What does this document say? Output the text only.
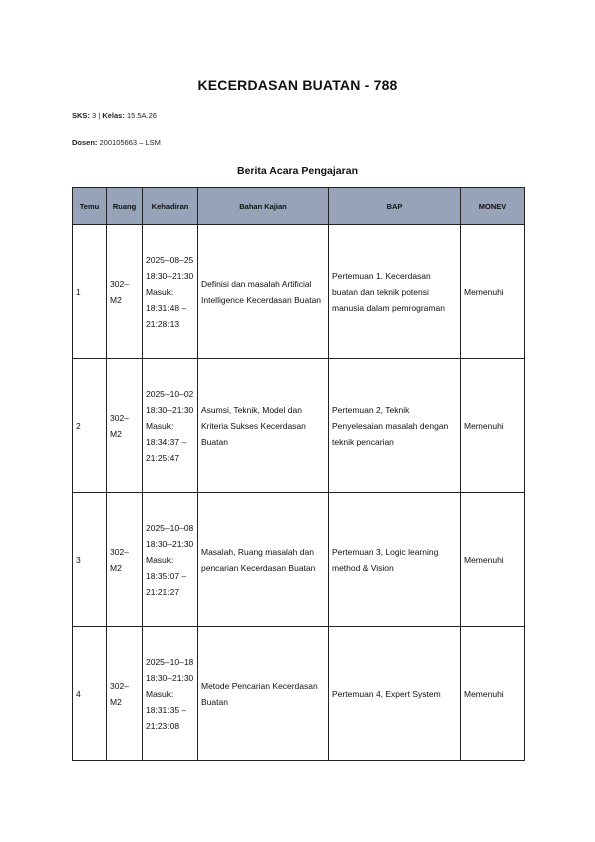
KECERDASAN BUATAN - 788
SKS: 3 | Kelas: 15.5A.26
Dosen: 200105663 – LSM
Berita Acara Pengajaran
Temu	Ruang	Kehadiran	Bahan Kajian	BAP	MONEV
1	302–M2	2025–08–25 18:30–21:30 Masuk: 18:31:48 – 21:28:13	Definisi dan masalah Artificial Intelligence Kecerdasan Buatan	Pertemuan 1. Kecerdasan buatan dan teknik potensi manusia dalam pemrograman	Memenuhi
2	302–M2	2025–10–02 18:30–21:30 Masuk: 18:34:37 – 21:25:47	Asumsi, Teknik, Model dan Kriteria Sukses Kecerdasan Buatan	Pertemuan 2, Teknik Penyelesaian masalah dengan teknik pencarian	Memenuhi
3	302–M2	2025–10–08 18:30–21:30 Masuk: 18:35:07 – 21:21:27	Masalah, Ruang masalah dan pencarian Kecerdasan Buatan	Pertemuan 3, Logic learning method & Vision	Memenuhi
4	302–M2	2025–10–18 18:30–21:30 Masuk: 18:31:35 – 21:23:08	Metode Pencarian Kecerdasan Buatan	Pertemuan 4, Expert System	Memenuhi
